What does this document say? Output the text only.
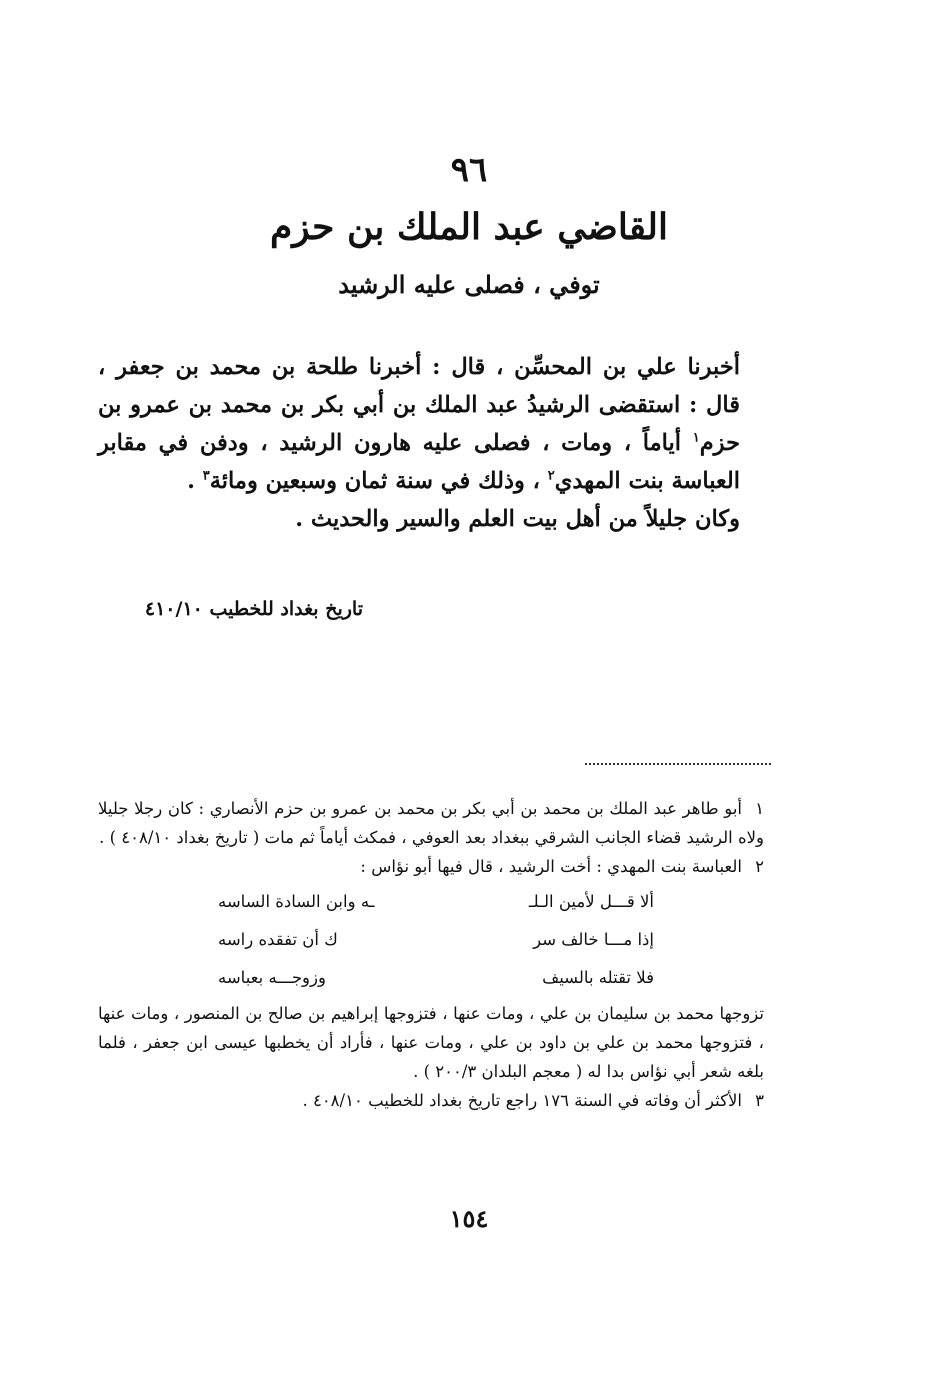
٩٦
القاضي عبد الملك بن حزم
توفي ، فصلى عليه الرشيد

أخبرنا علي بن المحسِّن ، قال : أخبرنا طلحة بن محمد بن جعفر ، قال : استقضى الرشيدُ عبد الملك بن أبي بكر بن محمد بن عمرو بن حزم$^١$ أياماً ، ومات ، فصلى عليه هارون الرشيد ، ودفن في مقابر العباسة بنت المهدي$^٢$ ، وذلك في سنة ثمان وسبعين ومائة$^٣$ .

وكان جليلاً من أهل بيت العلم والسير والحديث .

تاريخ بغداد للخطيب ٤١٠/١٠

١أبو طاهر عبد الملك بن محمد بن أبي بكر بن محمد بن عمرو بن حزم الأنصاري : كان رجلا جليلا ولاه الرشيد قضاء الجانب الشرقي ببغداد بعد العوفي ، فمكث أياماً ثم مات ( تاريخ بغداد ٤٠٨/١٠ ) .

٢العباسة بنت المهدي : أخت الرشيد ، قال فيها أبو نؤاس :

ألا قـــل لأمين الـلـ
ـه وابن السادة الساسه
إذا مـــا خالف سر
ك أن تفقده راسه
فلا تقتله بالسيف
وزوجـــه بعباسه

تزوجها محمد بن سليمان بن علي ، ومات عنها ، فتزوجها إبراهيم بن صالح بن المنصور ، ومات عنها ، فتزوجها محمد بن علي بن داود بن علي ، ومات عنها ، فأراد أن يخطبها عيسى ابن جعفر ، فلما بلغه شعر أبي نؤاس بدا له ( معجم البلدان ٢٠٠/٣ ) .

٣الأكثر أن وفاته في السنة ١٧٦ راجع تاريخ بغداد للخطيب ٤٠٨/١٠ .

١٥٤
